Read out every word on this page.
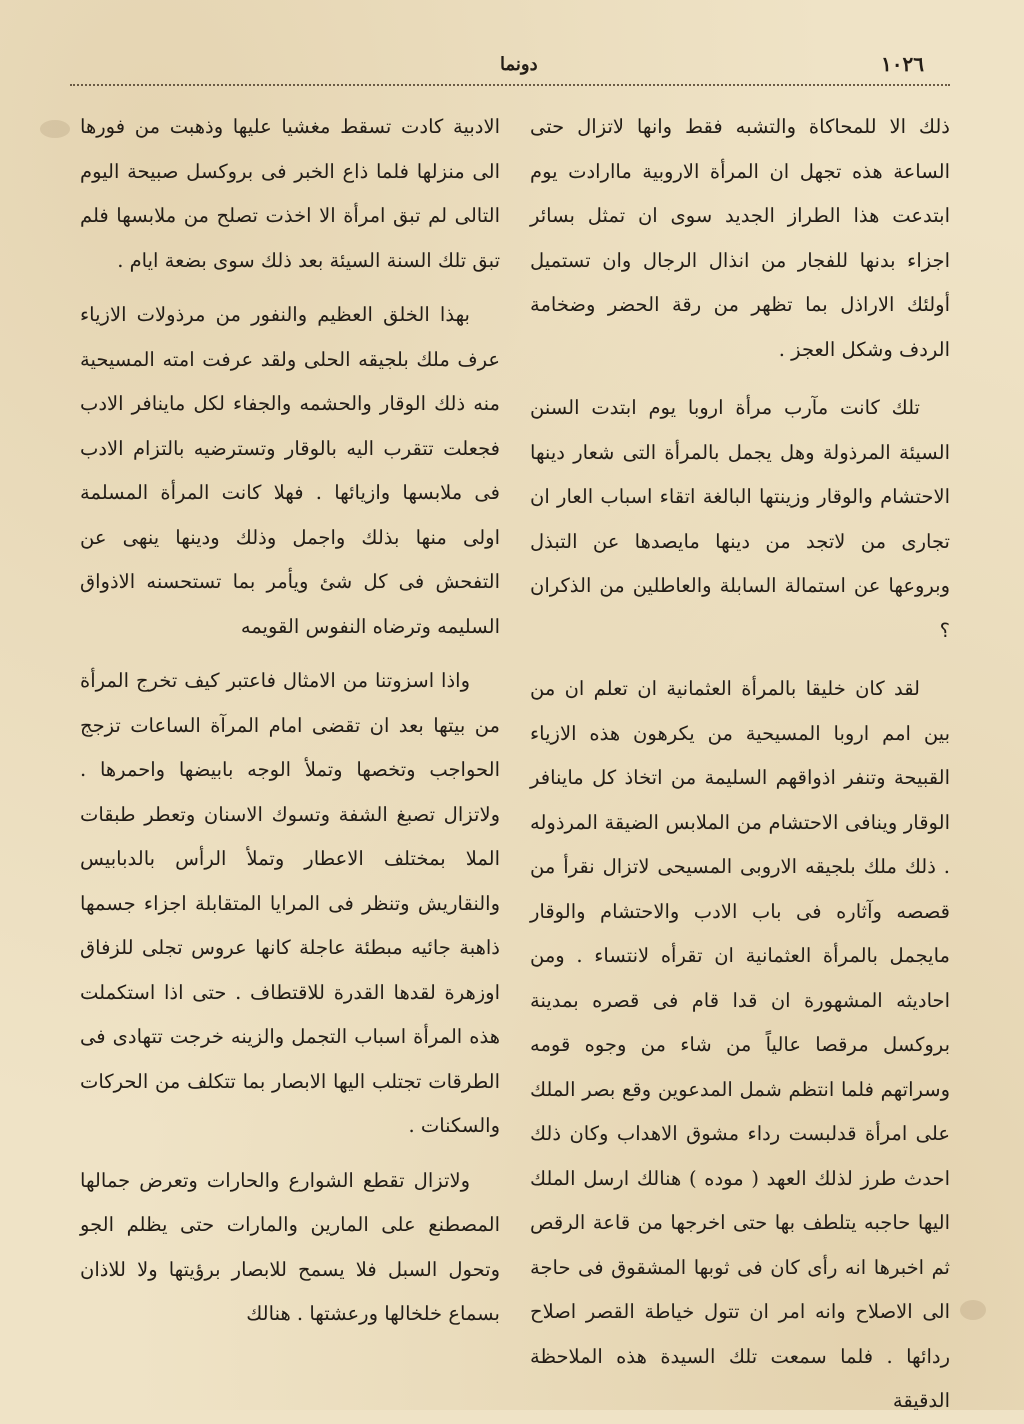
دونما	١٠٢٦

ذلك الا للمحاكاة والتشبه فقط وانها لاتزال حتى الساعة هذه تجهل ان المرأة الاروبية ماارادت يوم ابتدعت هذا الطراز الجديد سوى ان تمثل بسائر اجزاء بدنها للفجار من انذال الرجال وان تستميل أولئك الاراذل بما تظهر من رقة الحضر وضخامة الردف وشكل العجز .

تلك كانت مآرب مرأة اروبا يوم ابتدت السنن السيئة المرذولة وهل يجمل بالمرأة التى شعار دينها الاحتشام والوقار وزينتها البالغة اتقاء اسباب العار ان تجارى من لاتجد من دينها مايصدها عن التبذل وبروعها عن استمالة السابلة والعاطلين من الذكران ؟

لقد كان خليقا بالمرأة العثمانية ان تعلم ان من بين امم اروبا المسيحية من يكرهون هذه الازياء القبيحة وتنفر اذواقهم السليمة من اتخاذ كل ماينافر الوقار وينافى الاحتشام من الملابس الضيقة المرذوله . ذلك ملك بلجيقه الاروبى المسيحى لاتزال نقرأ من قصصه وآثاره فى باب الادب والاحتشام والوقار مايجمل بالمرأة العثمانية ان تقرأه لانتساء . ومن احاديثه المشهورة ان قدا قام فى قصره بمدينة بروكسل مرقصا عالياً من شاء من وجوه قومه وسراتهم فلما انتظم شمل المدعوين وقع بصر الملك على امرأة قدلبست رداء مشوق الاهداب وكان ذلك احدث طرز لذلك العهد ( موده ) هنالك ارسل الملك اليها حاجبه يتلطف بها حتى اخرجها من قاعة الرقص ثم اخبرها انه رأى كان فى ثوبها المشقوق فى حاجة الى الاصلاح وانه امر ان تتول خياطة القصر اصلاح ردائها . فلما سمعت تلك السيدة هذه الملاحظة الدقيقة

الادبية كادت تسقط مغشيا عليها وذهبت من فورها الى منزلها فلما ذاع الخبر فى بروكسل صبيحة اليوم التالى لم تبق امرأة الا اخذت تصلح من ملابسها فلم تبق تلك السنة السيئة بعد ذلك سوى بضعة ايام .

بهذا الخلق العظيم والنفور من مرذولات الازياء عرف ملك بلجيقه الحلى ولقد عرفت امته المسيحية منه ذلك الوقار والحشمه والجفاء لكل ماينافر الادب فجعلت تتقرب اليه بالوقار وتسترضيه بالتزام الادب فى ملابسها وازيائها . فهلا كانت المرأة المسلمة اولى منها بذلك واجمل وذلك ودينها ينهى عن التفحش فى كل شئ ويأمر بما تستحسنه الاذواق السليمه وترضاه النفوس القويمه

واذا اسزوتنا من الامثال فاعتبر كيف تخرج المرأة من بيتها بعد ان تقضى امام المرآة الساعات تزجج الحواجب وتخصها وتملأ الوجه بابيضها واحمرها . ولاتزال تصبغ الشفة وتسوك الاسنان وتعطر طبقات الملا بمختلف الاعطار وتملأ الرأس بالدبابيس والنقاريش وتنظر فى المرايا المتقابلة اجزاء جسمها ذاهبة جائيه مبطئة عاجلة كانها عروس تجلى للزفاق اوزهرة لقدها القدرة للاقتطاف . حتى اذا استكملت هذه المرأة اسباب التجمل والزينه خرجت تتهادى فى الطرقات تجتلب اليها الابصار بما تتكلف من الحركات والسكنات .

ولاتزال تقطع الشوارع والحارات وتعرض جمالها المصطنع على المارين والمارات حتى يظلم الجو وتحول السبل فلا يسمح للابصار برؤيتها ولا للاذان بسماع خلخالها ورعشتها . هنالك
